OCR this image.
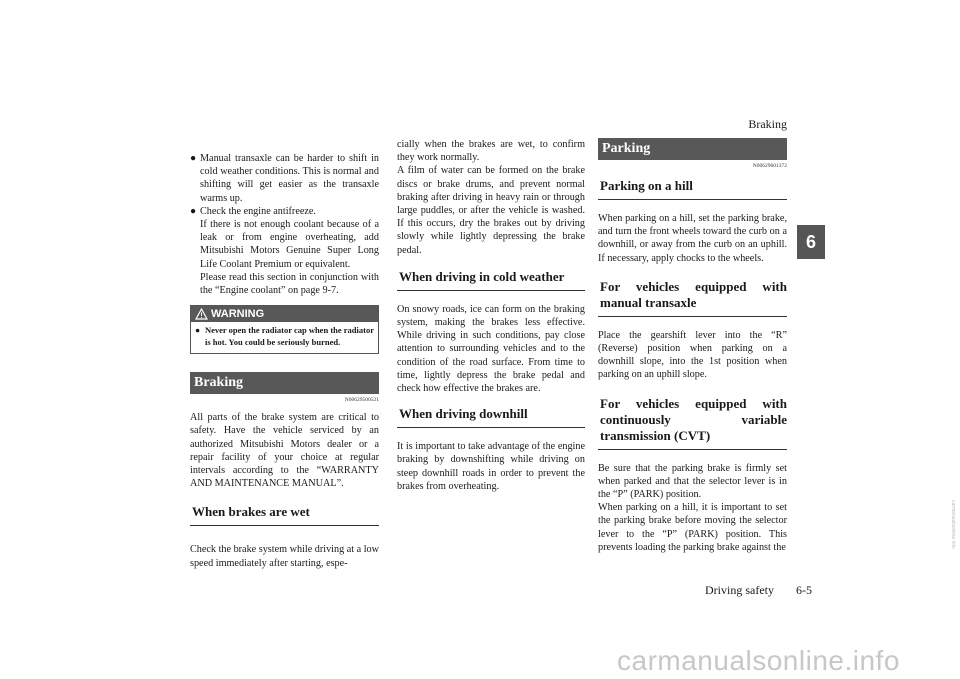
Braking
6

● Manual transaxle can be harder to shift in cold weather conditions. This is normal and shifting will get easier as the transaxle warms up.

● Check the engine antifreeze.

If there is not enough coolant because of a leak or from engine overheating, add Mitsubishi Motors Genuine Super Long Life Coolant Premium or equivalent.

Please read this section in conjunction with the “Engine coolant” on page 9-7.

WARNING
● Never open the radiator cap when the radiator is hot. You could be seriously burned.
Braking
N00629500521

All parts of the brake system are critical to safety. Have the vehicle serviced by an authorized Mitsubishi Motors dealer or a repair facility of your choice at regular intervals according to the “WARRANTY AND MAINTENANCE MANUAL”.

When brakes are wet

Check the brake system while driving at a low speed immediately after starting, espe-

cially when the brakes are wet, to confirm they work normally.

A film of water can be formed on the brake discs or brake drums, and prevent normal braking after driving in heavy rain or through large puddles, or after the vehicle is washed. If this occurs, dry the brakes out by driving slowly while lightly depressing the brake pedal.

When driving in cold weather

On snowy roads, ice can form on the braking system, making the brakes less effective. While driving in such conditions, pay close attention to surrounding vehicles and to the condition of the road surface. From time to time, lightly depress the brake pedal and check how effective the brakes are.

When driving downhill

It is important to take advantage of the engine braking by downshifting while driving on steep downhill roads in order to prevent the brakes from overheating.

Parking
N00629601372
Parking on a hill

When parking on a hill, set the parking brake, and turn the front wheels toward the curb on a downhill, or away from the curb on an uphill. If necessary, apply chocks to the wheels.

For vehicles equipped with manual transaxle

Place the gearshift lever into the “R” (Reverse) position when parking on a downhill slope, into the 1st position when parking on an uphill slope.

For vehicles equipped with continuously variable transmission (CVT)

Be sure that the parking brake is firmly set when parked and that the selector lever is in the “P” (PARK) position.

When parking on a hill, it is important to set the parking brake before moving the selector lever to the “P” (PARK) position. This prevents loading the parking brake against the

Driving safety 6-5
carmanualsonline.info
carmanualsonline.info
